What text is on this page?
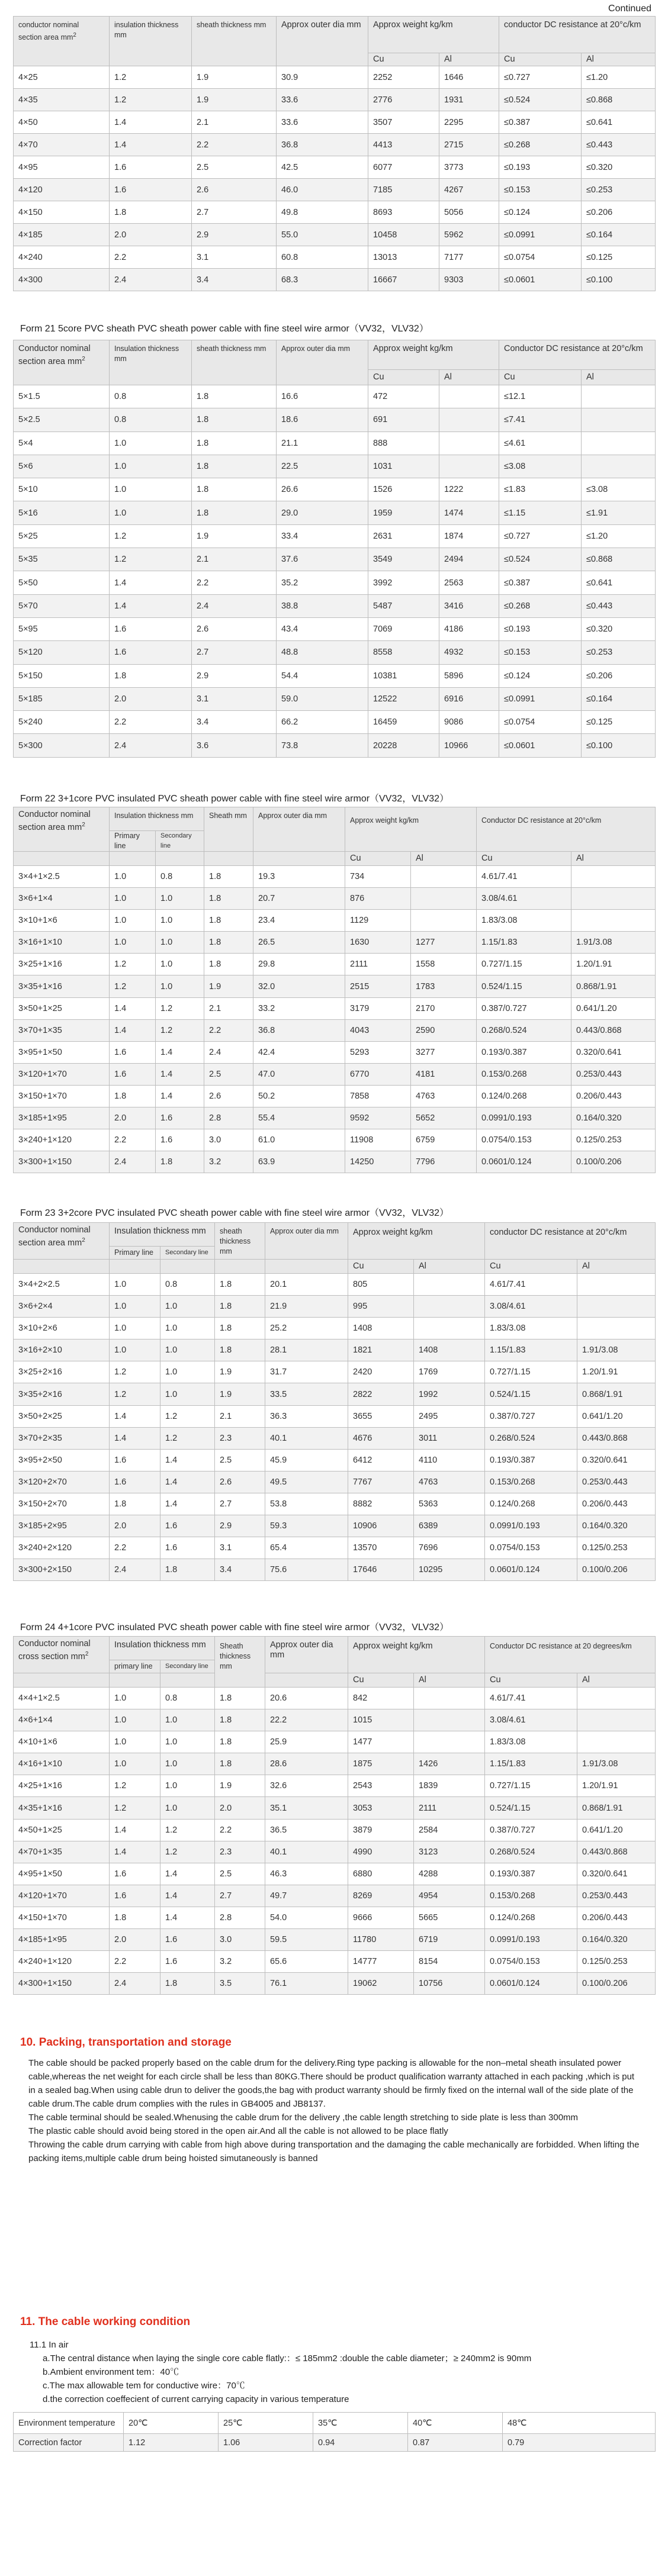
Continued
conductor nominal section area $mm^2$	insulation thickness mm	sheath thickness mm	Approx outer dia mm	Approx weight kg/km		conductor DC resistance at 20°c/km	
				Cu	Al	Cu	Al
4×25	1.2	1.9	30.9	2252	1646	≤0.727	≤1.20
4×35	1.2	1.9	33.6	2776	1931	≤0.524	≤0.868
4×50	1.4	2.1	33.6	3507	2295	≤0.387	≤0.641
4×70	1.4	2.2	36.8	4413	2715	≤0.268	≤0.443
4×95	1.6	2.5	42.5	6077	3773	≤0.193	≤0.320
4×120	1.6	2.6	46.0	7185	4267	≤0.153	≤0.253
4×150	1.8	2.7	49.8	8693	5056	≤0.124	≤0.206
4×185	2.0	2.9	55.0	10458	5962	≤0.0991	≤0.164
4×240	2.2	3.1	60.8	13013	7177	≤0.0754	≤0.125
4×300	2.4	3.4	68.3	16667	9303	≤0.0601	≤0.100
Form 21 5core PVC sheath PVC sheath power cable with fine steel wire armor（VV32，VLV32）
Conductor nominal section area $mm^2$	Insulation thickness mm	sheath thickness mm	Approx outer dia mm	Approx weight kg/km		Conductor DC resistance at 20°c/km	
				Cu	Al	Cu	Al
5×1.5	0.8	1.8	16.6	472		≤12.1	
5×2.5	0.8	1.8	18.6	691		≤7.41	
5×4	1.0	1.8	21.1	888		≤4.61	
5×6	1.0	1.8	22.5	1031		≤3.08	
5×10	1.0	1.8	26.6	1526	1222	≤1.83	≤3.08
5×16	1.0	1.8	29.0	1959	1474	≤1.15	≤1.91
5×25	1.2	1.9	33.4	2631	1874	≤0.727	≤1.20
5×35	1.2	2.1	37.6	3549	2494	≤0.524	≤0.868
5×50	1.4	2.2	35.2	3992	2563	≤0.387	≤0.641
5×70	1.4	2.4	38.8	5487	3416	≤0.268	≤0.443
5×95	1.6	2.6	43.4	7069	4186	≤0.193	≤0.320
5×120	1.6	2.7	48.8	8558	4932	≤0.153	≤0.253
5×150	1.8	2.9	54.4	10381	5896	≤0.124	≤0.206
5×185	2.0	3.1	59.0	12522	6916	≤0.0991	≤0.164
5×240	2.2	3.4	66.2	16459	9086	≤0.0754	≤0.125
5×300	2.4	3.6	73.8	20228	10966	≤0.0601	≤0.100
Form 22 3+1core PVC insulated PVC sheath power cable with fine steel wire armor（VV32，VLV32）
Conductor nominal section area $mm^2$	Insulation thickness mm		Sheath mm	Approx outer dia mm	Approx weight kg/km		Conductor DC resistance at 20°c/km	
	Primary line	Secondary line						
					Cu	Al	Cu	Al
3×4+1×2.5	1.0	0.8	1.8	19.3	734		4.61/7.41	
3×6+1×4	1.0	1.0	1.8	20.7	876		3.08/4.61	
3×10+1×6	1.0	1.0	1.8	23.4	1129		1.83/3.08	
3×16+1×10	1.0	1.0	1.8	26.5	1630	1277	1.15/1.83	1.91/3.08
3×25+1×16	1.2	1.0	1.8	29.8	2111	1558	0.727/1.15	1.20/1.91
3×35+1×16	1.2	1.0	1.9	32.0	2515	1783	0.524/1.15	0.868/1.91
3×50+1×25	1.4	1.2	2.1	33.2	3179	2170	0.387/0.727	0.641/1.20
3×70+1×35	1.4	1.2	2.2	36.8	4043	2590	0.268/0.524	0.443/0.868
3×95+1×50	1.6	1.4	2.4	42.4	5293	3277	0.193/0.387	0.320/0.641
3×120+1×70	1.6	1.4	2.5	47.0	6770	4181	0.153/0.268	0.253/0.443
3×150+1×70	1.8	1.4	2.6	50.2	7858	4763	0.124/0.268	0.206/0.443
3×185+1×95	2.0	1.6	2.8	55.4	9592	5652	0.0991/0.193	0.164/0.320
3×240+1×120	2.2	1.6	3.0	61.0	11908	6759	0.0754/0.153	0.125/0.253
3×300+1×150	2.4	1.8	3.2	63.9	14250	7796	0.0601/0.124	0.100/0.206
Form 23 3+2core PVC insulated PVC sheath power cable with fine steel wire armor（VV32，VLV32）
Conductor nominal section area $mm^2$	Insulation thickness mm		sheath thickness mm	Approx outer dia mm	Approx weight kg/km		conductor DC resistance at 20°c/km	
	Primary line	Secondary line						
					Cu	Al	Cu	Al
3×4+2×2.5	1.0	0.8	1.8	20.1	805		4.61/7.41	
3×6+2×4	1.0	1.0	1.8	21.9	995		3.08/4.61	
3×10+2×6	1.0	1.0	1.8	25.2	1408		1.83/3.08	
3×16+2×10	1.0	1.0	1.8	28.1	1821	1408	1.15/1.83	1.91/3.08
3×25+2×16	1.2	1.0	1.9	31.7	2420	1769	0.727/1.15	1.20/1.91
3×35+2×16	1.2	1.0	1.9	33.5	2822	1992	0.524/1.15	0.868/1.91
3×50+2×25	1.4	1.2	2.1	36.3	3655	2495	0.387/0.727	0.641/1.20
3×70+2×35	1.4	1.2	2.3	40.1	4676	3011	0.268/0.524	0.443/0.868
3×95+2×50	1.6	1.4	2.5	45.9	6412	4110	0.193/0.387	0.320/0.641
3×120+2×70	1.6	1.4	2.6	49.5	7767	4763	0.153/0.268	0.253/0.443
3×150+2×70	1.8	1.4	2.7	53.8	8882	5363	0.124/0.268	0.206/0.443
3×185+2×95	2.0	1.6	2.9	59.3	10906	6389	0.0991/0.193	0.164/0.320
3×240+2×120	2.2	1.6	3.1	65.4	13570	7696	0.0754/0.153	0.125/0.253
3×300+2×150	2.4	1.8	3.4	75.6	17646	10295	0.0601/0.124	0.100/0.206
Form 24 4+1core PVC insulated PVC sheath power cable with fine steel wire armor（VV32，VLV32）
Conductor nominal cross section $mm^2$	Insulation thickness mm		Sheath thickness mm	Approx outer dia mm	Approx weight kg/km		Conductor DC resistance at 20 degrees/km	
	primary line	Secondary line						
					Cu	Al	Cu	Al
4×4+1×2.5	1.0	0.8	1.8	20.6	842		4.61/7.41	
4×6+1×4	1.0	1.0	1.8	22.2	1015		3.08/4.61	
4×10+1×6	1.0	1.0	1.8	25.9	1477		1.83/3.08	
4×16+1×10	1.0	1.0	1.8	28.6	1875	1426	1.15/1.83	1.91/3.08
4×25+1×16	1.2	1.0	1.9	32.6	2543	1839	0.727/1.15	1.20/1.91
4×35+1×16	1.2	1.0	2.0	35.1	3053	2111	0.524/1.15	0.868/1.91
4×50+1×25	1.4	1.2	2.2	36.5	3879	2584	0.387/0.727	0.641/1.20
4×70+1×35	1.4	1.2	2.3	40.1	4990	3123	0.268/0.524	0.443/0.868
4×95+1×50	1.6	1.4	2.5	46.3	6880	4288	0.193/0.387	0.320/0.641
4×120+1×70	1.6	1.4	2.7	49.7	8269	4954	0.153/0.268	0.253/0.443
4×150+1×70	1.8	1.4	2.8	54.0	9666	5665	0.124/0.268	0.206/0.443
4×185+1×95	2.0	1.6	3.0	59.5	11780	6719	0.0991/0.193	0.164/0.320
4×240+1×120	2.2	1.6	3.2	65.6	14777	8154	0.0754/0.153	0.125/0.253
4×300+1×150	2.4	1.8	3.5	76.1	19062	10756	0.0601/0.124	0.100/0.206
10. Packing, transportation and storage

The cable should be packed properly based on the cable drum for the delivery.Ring type packing is allowable for the non–metal sheath insulated power cable,whereas the net weight for each circle shall be less than 80KG.There should be product qualification warranty attached in each packing ,which is put in a sealed bag.When using cable drun to deliver the goods,the bag with product warranty should be firmly fixed on the internal wall of the side plate of the cable drum.The cable drum complies with the rules in GB4005 and JB8137.

The cable terminal should be sealed.Whenusing the cable drum for the delivery ,the cable length stretching to side plate is less than 300mm

The plastic cable should avoid being stored in the open air.And all the cable is not allowed to be place flatly

Throwing the cable drum carrying with cable from high above during transportation and the damaging the cable mechanically are forbidded. When lifting the packing items,multiple cable drum being hoisted simutaneously is banned

11. The cable working condition
11.1 In air

a.The central distance when laying the single core cable flatly:：≤ 185mm2 :double the cable diameter；≥ 240mm2 is 90mm

b.Ambient environment tem：40℃

c.The max allowable tem for conductive wire：70℃

d.the correction coeffecient of current carrying capacity in various temperature

Environment temperature	20℃	25℃	35℃	40℃	48℃
Correction factor	1.12	1.06	0.94	0.87	0.79
